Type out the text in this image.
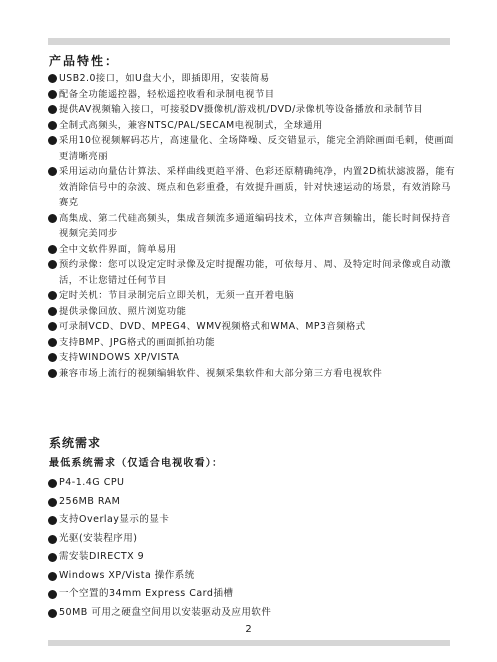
产品特性：
USB2.0接口，如U盘大小，即插即用，安装简易
配备全功能遥控器，轻松遥控收看和录制电视节目
提供AV视频输入接口，可接驳DV摄像机/游戏机/DVD/录像机等设备播放和录制节目
全制式高频头，兼容NTSC/PAL/SECAM电视制式，全球通用
采用10位视频解码芯片，高速量化、全场降噪、反交错显示，能完全消除画面毛刺，使画面更清晰亮丽
采用运动向量估计算法、采样曲线更趋平滑、色彩还原精确纯净，内置2D梳状滤波器，能有效消除信号中的杂波、斑点和色彩重叠，有效提升画质，针对快速运动的场景，有效消除马赛克
高集成、第二代硅高频头，集成音频流多通道编码技术，立体声音频输出，能长时间保持音视频完美同步
全中文软件界面，简单易用
预约录像：您可以设定定时录像及定时提醒功能，可依每月、周、及特定时间录像或自动激活，不让您错过任何节目
定时关机：节目录制完后立即关机，无须一直开着电脑
提供录像回放、照片浏览功能
可录制VCD、DVD、MPEG4、WMV视频格式和WMA、MP3音频格式
支持BMP、JPG格式的画面抓拍功能
支持WINDOWS XP/VISTA
兼容市场上流行的视频编辑软件、视频采集软件和大部分第三方看电视软件
系统需求
最低系统需求（仅适合电视收看）：
P4-1.4G CPU
256MB RAM
支持Overlay显示的显卡
光驱(安装程序用)
需安装DIRECTX 9
Windows XP/Vista 操作系统
一个空置的34mm Express Card插槽
50MB 可用之硬盘空间用以安装驱动及应用软件
2
